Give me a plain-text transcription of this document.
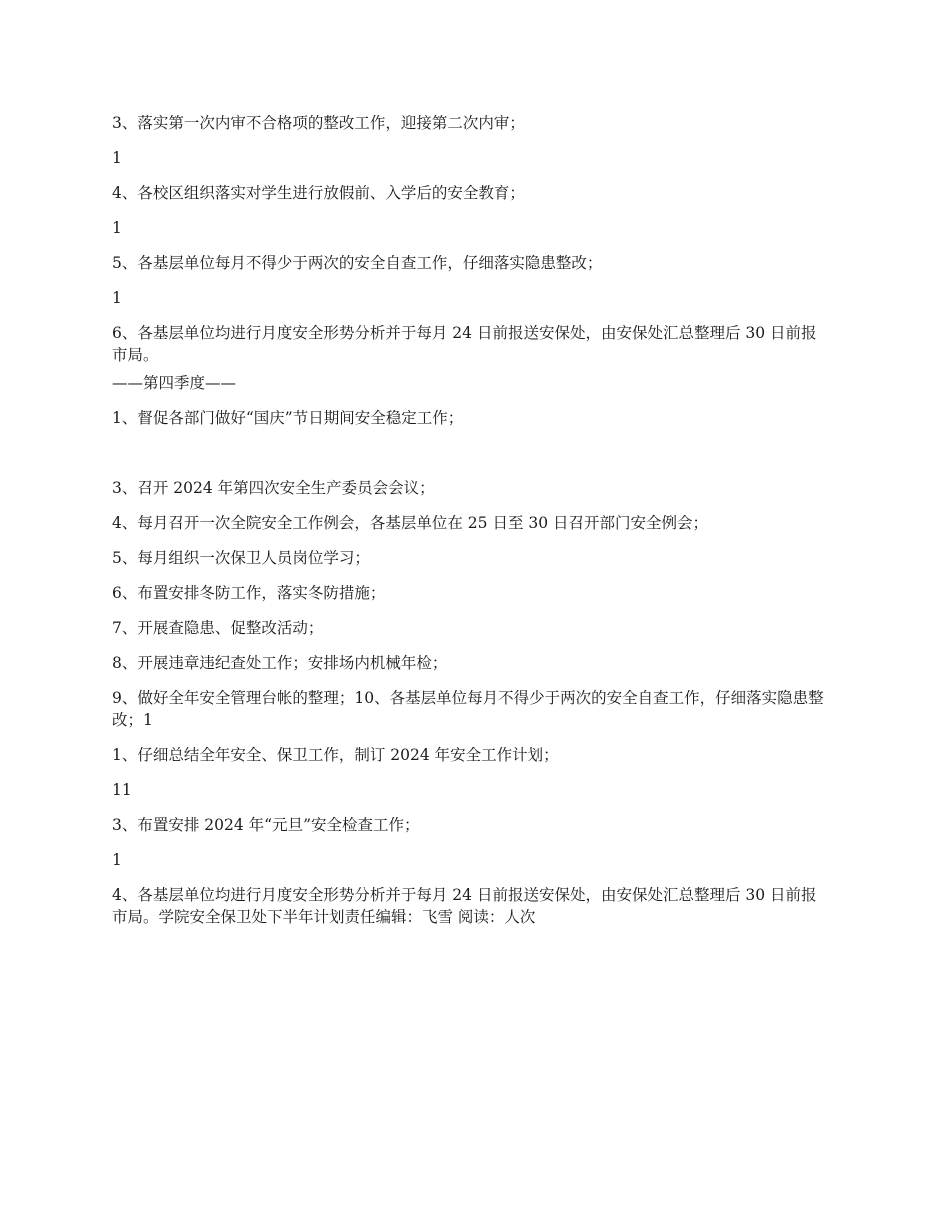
3、落实第一次内审不合格项的整改工作，迎接第二次内审；

1

4、各校区组织落实对学生进行放假前、入学后的安全教育；

1

5、各基层单位每月不得少于两次的安全自查工作，仔细落实隐患整改；

1

6、各基层单位均进行月度安全形势分析并于每月 24 日前报送安保处，由安保处汇总整理后 30 日前报市局。

——第四季度——

1、督促各部门做好“国庆”节日期间安全稳定工作；

3、召开 2024 年第四次安全生产委员会会议；

4、每月召开一次全院安全工作例会，各基层单位在 25 日至 30 日召开部门安全例会；

5、每月组织一次保卫人员岗位学习；

6、布置安排冬防工作，落实冬防措施；

7、开展查隐患、促整改活动；

8、开展违章违纪查处工作；安排场内机械年检；

9、做好全年安全管理台帐的整理；10、各基层单位每月不得少于两次的安全自查工作，仔细落实隐患整改；1

1、仔细总结全年安全、保卫工作，制订 2024 年安全工作计划；

11

3、布置安排 2024 年“元旦”安全检查工作；

1

4、各基层单位均进行月度安全形势分析并于每月 24 日前报送安保处，由安保处汇总整理后 30 日前报市局。学院安全保卫处下半年计划责任编辑：飞雪 阅读：人次
